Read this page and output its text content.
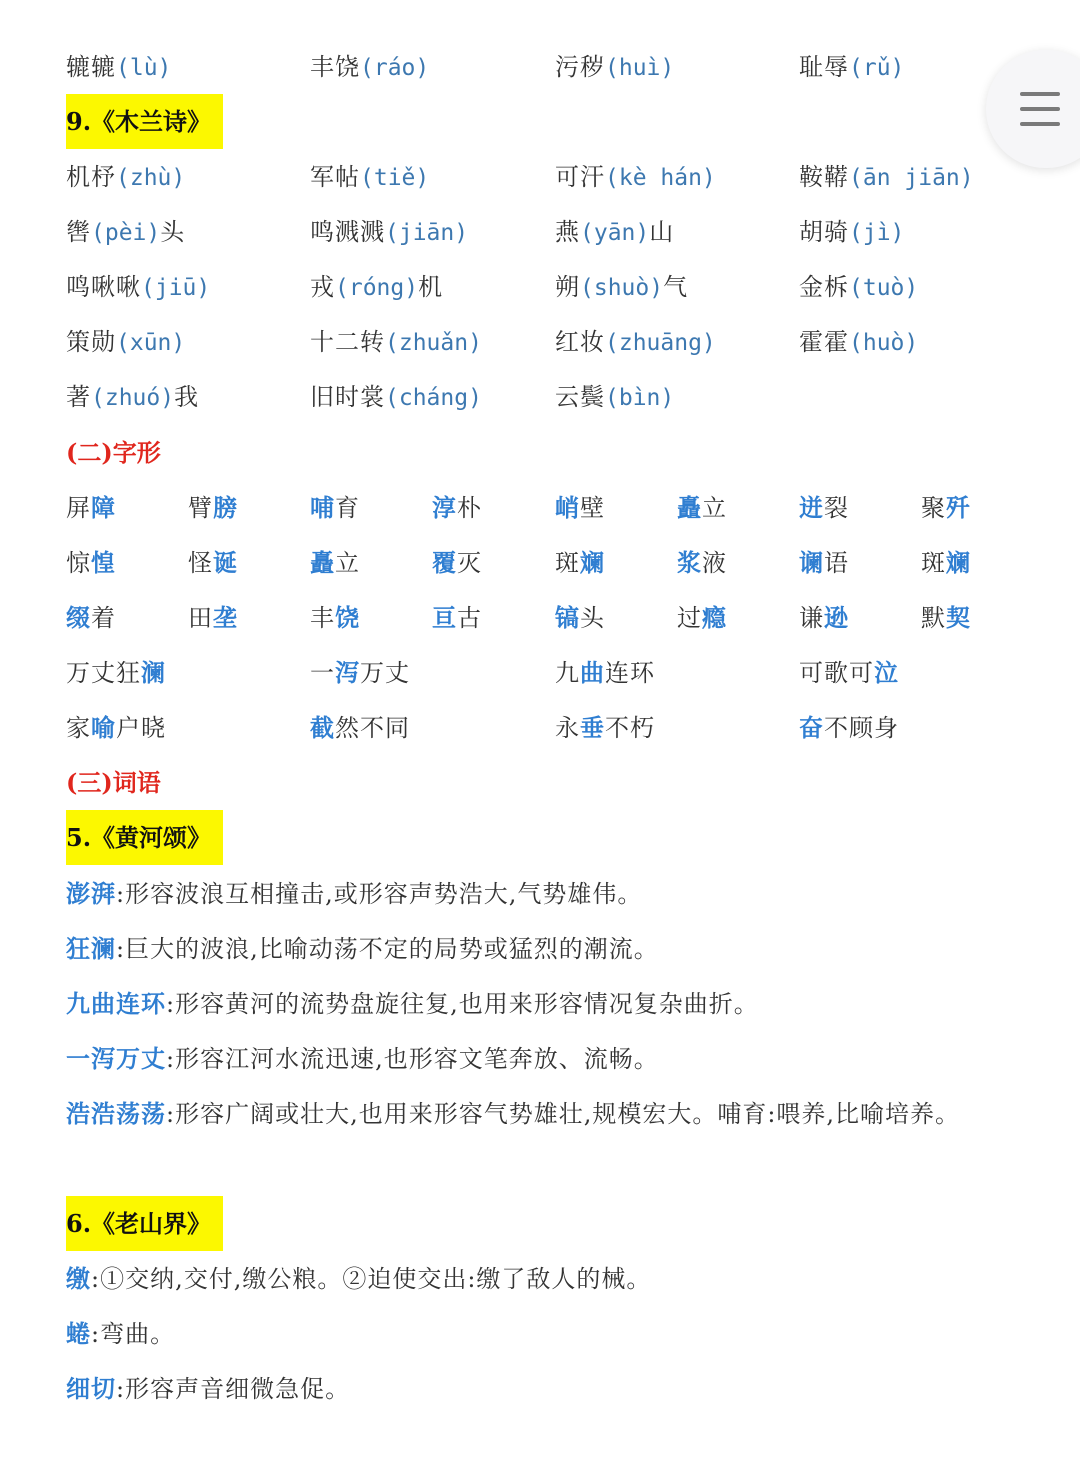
辘辘(lù)	丰饶(ráo)	污秽(huì)	耻辱(rǔ)
9.《木兰诗》
机杼(zhù)	军帖(tiě)	可汗(kè hán)	鞍鞯(ān jiān)
辔(pèi)头	鸣溅溅(jiān)	燕(yān)山	胡骑(jì)
鸣啾啾(jiū)	戎(róng)机	朔(shuò)气	金柝(tuò)
策勋(xūn)	十二转(zhuǎn)	红妆(zhuāng)	霍霍(huò)
著(zhuó)我	旧时裳(cháng)	云鬓(bìn)
(二)字形
屏障	臂膀	哺育	淳朴	峭壁	矗立	迸裂	聚歼
惊惶	怪诞	矗立	覆灭	斑斓	浆液	谰语	斑斓
缀着	田垄	丰饶	亘古	镐头	过瘾	谦逊	默契
万丈狂澜	一泻万丈	九曲连环	可歌可泣
家喻户晓	截然不同	永垂不朽	奋不顾身
(三)词语
5.《黄河颂》
澎湃:形容波浪互相撞击,或形容声势浩大,气势雄伟。
狂澜:巨大的波浪,比喻动荡不定的局势或猛烈的潮流。
九曲连环:形容黄河的流势盘旋往复,也用来形容情况复杂曲折。
一泻万丈:形容江河水流迅速,也形容文笔奔放、流畅。
浩浩荡荡:形容广阔或壮大,也用来形容气势雄壮,规模宏大。哺育:喂养,比喻培养。
6.《老山界》
缴:①交纳,交付,缴公粮。②迫使交出:缴了敌人的械。
蜷:弯曲。
细切:形容声音细微急促。
